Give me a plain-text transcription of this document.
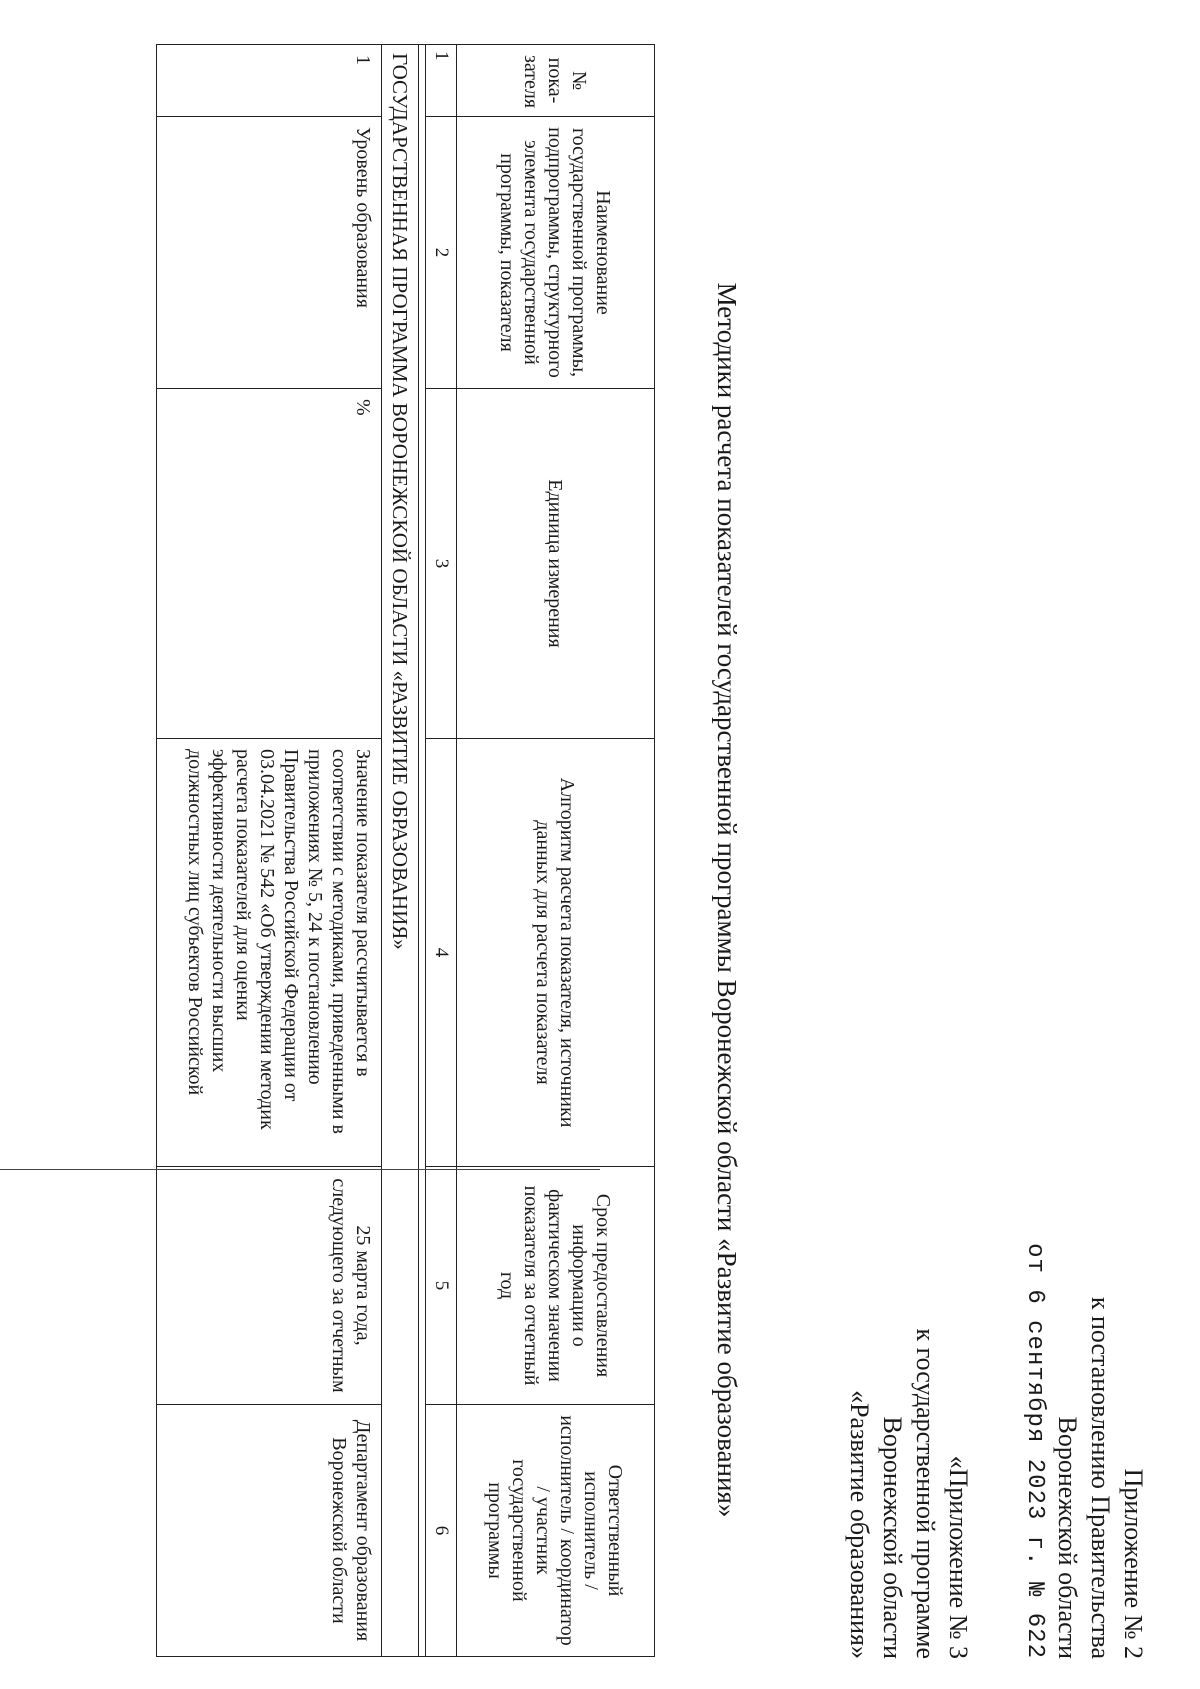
Приложение № 2
к постановлению Правительства
Воронежской области
от 6 сентября 2023 г. № 622
«Приложение № 3
к государственной программе
Воронежской области
«Развитие образования»
Методики расчета показателей государственной программы Воронежской области «Развитие образования»
№ пока-зателя	Наименование государственной программы, подпрограммы, структурного элемента государственной программы, показателя	Единица измерения	Алгоритм расчета показателя, источники данных для расчета показателя	Срок предоставления информации о фактическом значении показателя за отчетный год	Ответственный исполнитель / исполнитель / координатор / участник государственной программы
1	2	3	4	5	6

ГОСУДАРСТВЕННАЯ ПРОГРАММА ВОРОНЕЖСКОЙ ОБЛАСТИ «РАЗВИТИЕ ОБРАЗОВАНИЯ»					
1	Уровень образования	%	Значение показателя рассчитывается в соответствии с методиками, приведенными в приложениях № 5, 24 к постановлению Правительства Российской Федерации от 03.04.2021 № 542 «Об утверждении методик расчета показателей для оценки эффективности деятельности высших должностных лиц субъектов Российской	25 марта года, следующего за отчетным	Департамент образования Воронежской области
